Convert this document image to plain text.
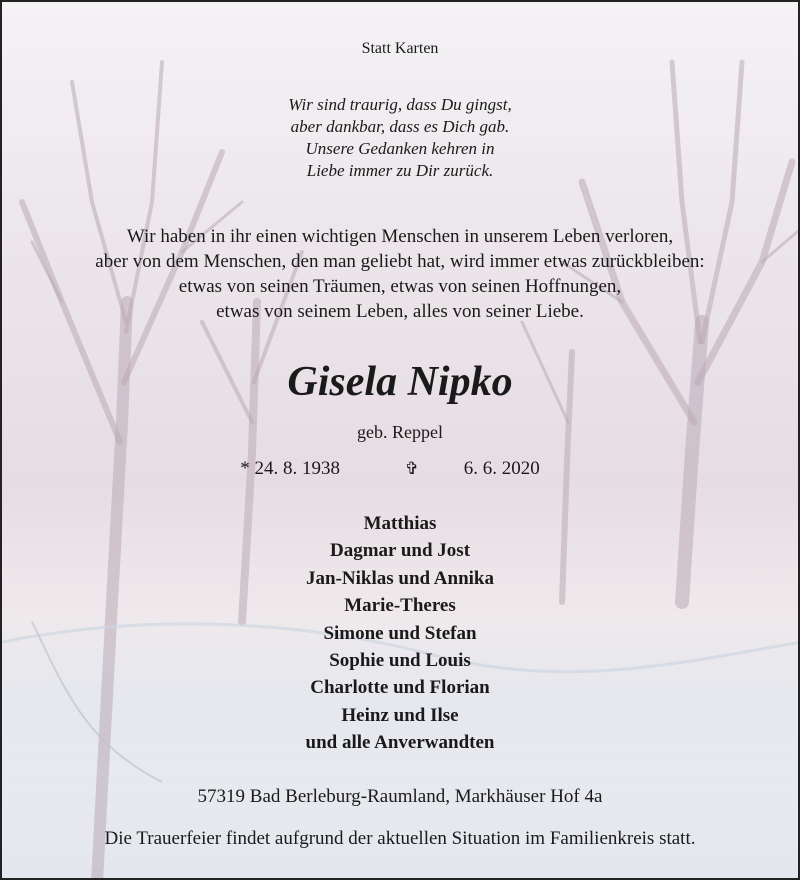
Statt Karten
Wir sind traurig, dass Du gingst,
aber dankbar, dass es Dich gab.
Unsere Gedanken kehren in
Liebe immer zu Dir zurück.
Wir haben in ihr einen wichtigen Menschen in unserem Leben verloren,
aber von dem Menschen, den man geliebt hat, wird immer etwas zurückbleiben:
etwas von seinen Träumen, etwas von seinen Hoffnungen,
etwas von seinem Leben, alles von seiner Liebe.
Gisela Nipko
geb. Reppel
* 24. 8. 1938	✞ 6. 6. 2020
Matthias
Dagmar und Jost
Jan-Niklas und Annika
Marie-Theres
Simone und Stefan
Sophie und Louis
Charlotte und Florian
Heinz und Ilse
und alle Anverwandten
57319 Bad Berleburg-Raumland, Markhäuser Hof 4a
Die Trauerfeier findet aufgrund der aktuellen Situation im Familienkreis statt.
